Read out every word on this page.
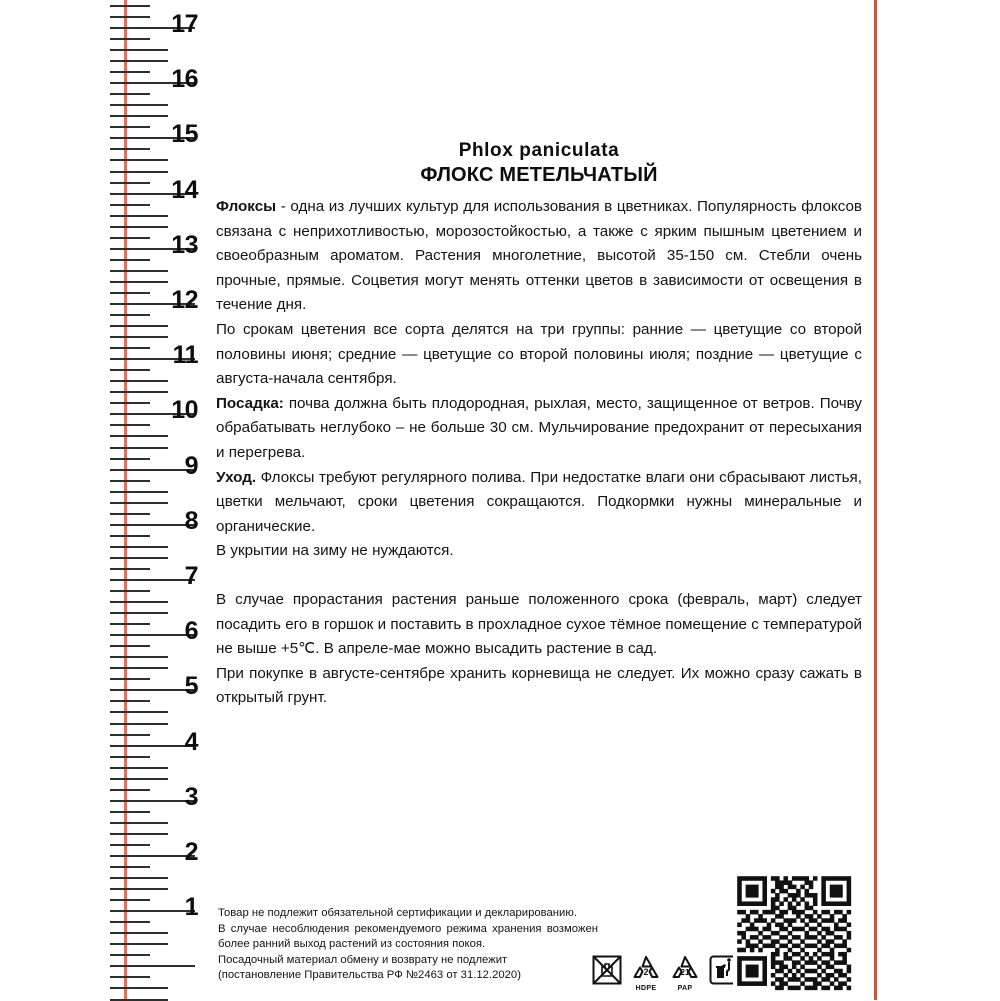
17
16
15
14
13
12
11
10
9
8
7
6
5
4
3
2
1
Phlox paniculata
ФЛОКС МЕТЕЛЬЧАТЫЙ

Флоксы - одна из лучших культур для использования в цветниках. Популярность флоксов связана с неприхотливостью, морозостойкостью, а также с ярким пышным цветением и своеобразным ароматом. Растения многолетние, высотой 35-150 см. Стебли очень прочные, прямые. Соцветия могут менять оттенки цветов в зависимости от освещения в течение дня.

По срокам цветения все сорта делятся на три группы: ранние — цветущие со второй половины июня; средние — цветущие со второй половины июля; поздние — цветущие с августа-начала сентября.

Посадка: почва должна быть плодородная, рыхлая, место, защищенное от ветров. Почву обрабатывать неглубоко – не больше 30 см. Мульчирование предохранит от пересыхания и перегрева.

Уход. Флоксы требуют регулярного полива. При недостатке влаги они сбрасывают листья, цветки мельчают, сроки цветения сокращаются. Подкормки нужны минеральные и органические.

В укрытии на зиму не нуждаются.

В случае прорастания растения раньше положенного срока (февраль, март) следует посадить его в горшок и поставить в прохладное сухое тёмное помещение с температурой не выше +5℃. В апреле-мае можно высадить растение в сад.

При покупке в августе-сентябре хранить корневища не следует. Их можно сразу сажать в открытый грунт.

Товар не подлежит обязательной сертификации и декларированию.

В случае несоблюдения рекомендуемого режима хранения возможен более ранний выход растений из состояния покоя.

Посадочный материал обмену и возврату не подлежит

(постановление Правительства РФ №2463 от 31.12.2020)	2
HDPE
21
PAP
